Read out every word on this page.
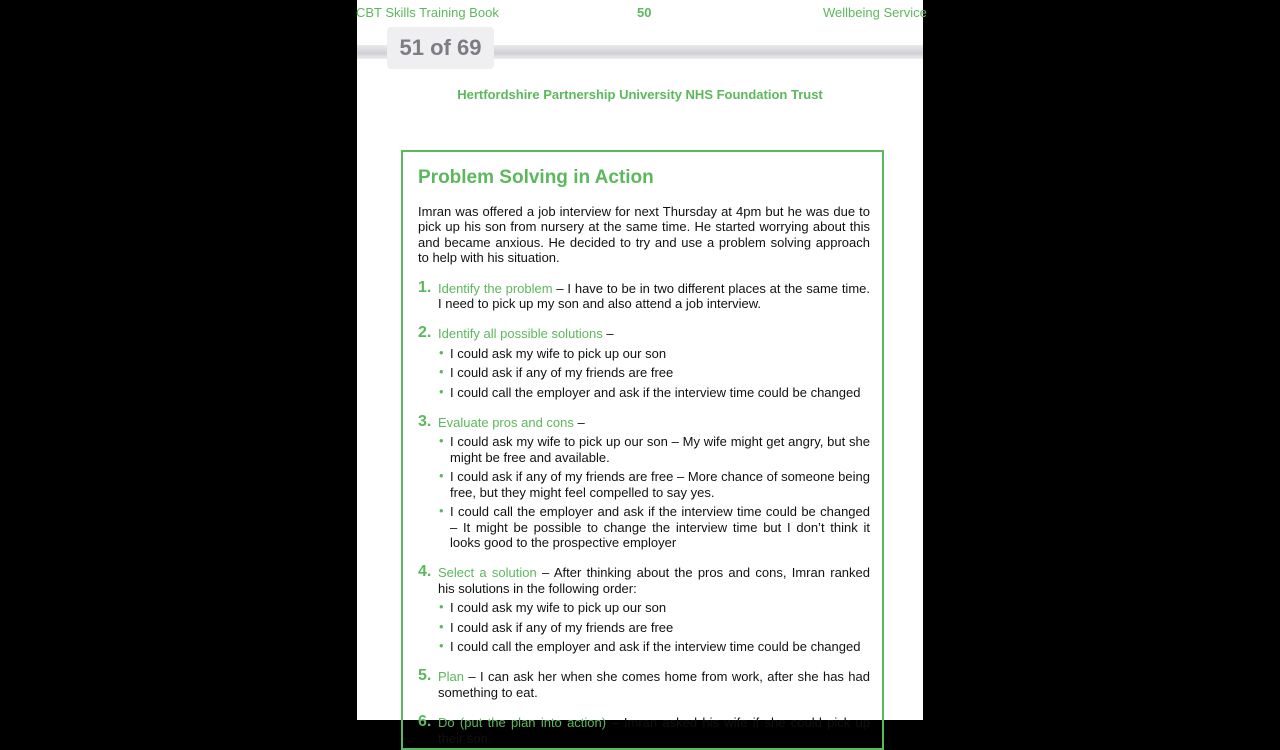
CBT Skills Training Book	50	Wellbeing Service
51 of 69
Hertfordshire Partnership University NHS Foundation Trust
Problem Solving in Action
Imran was offered a job interview for next Thursday at 4pm but he was due to pick up his son from nursery at the same time. He started worrying about this and became anxious. He decided to try and use a problem solving approach to help with his situation.
1. Identify the problem – I have to be in two different places at the same time. I need to pick up my son and also attend a job interview.
2. Identify all possible solutions –
• I could ask my wife to pick up our son
• I could ask if any of my friends are free
• I could call the employer and ask if the interview time could be changed
3. Evaluate pros and cons –
• I could ask my wife to pick up our son – My wife might get angry, but she might be free and available.
• I could ask if any of my friends are free – More chance of someone being free, but they might feel compelled to say yes.
• I could call the employer and ask if the interview time could be changed – It might be possible to change the interview time but I don’t think it looks good to the prospective employer
4. Select a solution – After thinking about the pros and cons, Imran ranked his solutions in the following order:
• I could ask my wife to pick up our son
• I could ask if any of my friends are free
• I could call the employer and ask if the interview time could be changed
5. Plan – I can ask her when she comes home from work, after she has had something to eat.
6. Do (put the plan into action) – Imran asked his wife if she could pick up their son.
